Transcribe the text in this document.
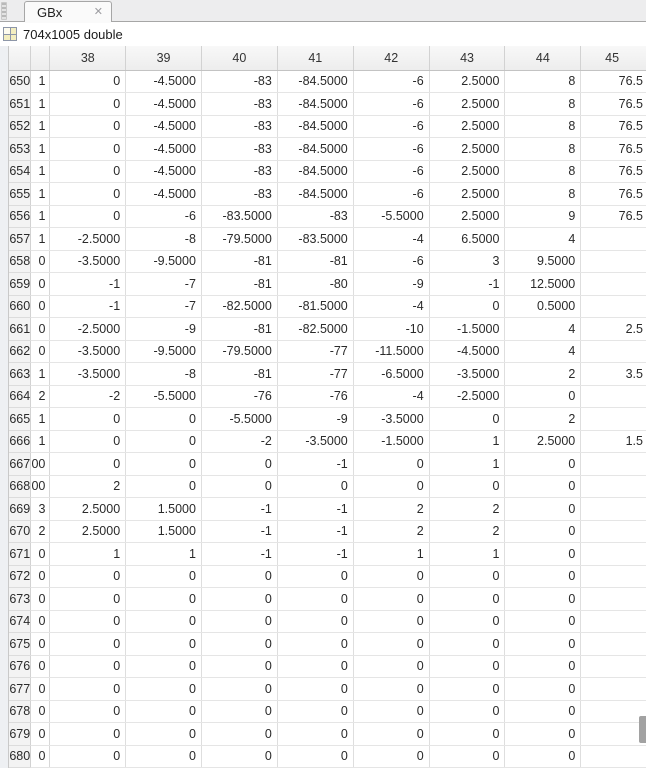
GBx	✕
704x1005 double
		38	39	40	41	42	43	44	45
650	1	0	-4.5000	-83	-84.5000	-6	2.5000	8	76.5
651	1	0	-4.5000	-83	-84.5000	-6	2.5000	8	76.5
652	1	0	-4.5000	-83	-84.5000	-6	2.5000	8	76.5
653	1	0	-4.5000	-83	-84.5000	-6	2.5000	8	76.5
654	1	0	-4.5000	-83	-84.5000	-6	2.5000	8	76.5
655	1	0	-4.5000	-83	-84.5000	-6	2.5000	8	76.5
656	1	0	-6	-83.5000	-83	-5.5000	2.5000	9	76.5
657	1	-2.5000	-8	-79.5000	-83.5000	-4	6.5000	4	
658	0	-3.5000	-9.5000	-81	-81	-6	3	9.5000	
659	0	-1	-7	-81	-80	-9	-1	12.5000	
660	0	-1	-7	-82.5000	-81.5000	-4	0	0.5000	
661	0	-2.5000	-9	-81	-82.5000	-10	-1.5000	4	2.5
662	0	-3.5000	-9.5000	-79.5000	-77	-11.5000	-4.5000	4	
663	1	-3.5000	-8	-81	-77	-6.5000	-3.5000	2	3.5
664	2	-2	-5.5000	-76	-76	-4	-2.5000	0	
665	1	0	0	-5.5000	-9	-3.5000	0	2	
666	1	0	0	-2	-3.5000	-1.5000	1	2.5000	1.5
667	00	0	0	0	-1	0	1	0	
668	00	2	0	0	0	0	0	0	
669	3	2.5000	1.5000	-1	-1	2	2	0	
670	2	2.5000	1.5000	-1	-1	2	2	0	
671	0	1	1	-1	-1	1	1	0	
672	0	0	0	0	0	0	0	0	
673	0	0	0	0	0	0	0	0	
674	0	0	0	0	0	0	0	0	
675	0	0	0	0	0	0	0	0	
676	0	0	0	0	0	0	0	0	
677	0	0	0	0	0	0	0	0	
678	0	0	0	0	0	0	0	0	
679	0	0	0	0	0	0	0	0	
680	0	0	0	0	0	0	0	0	
